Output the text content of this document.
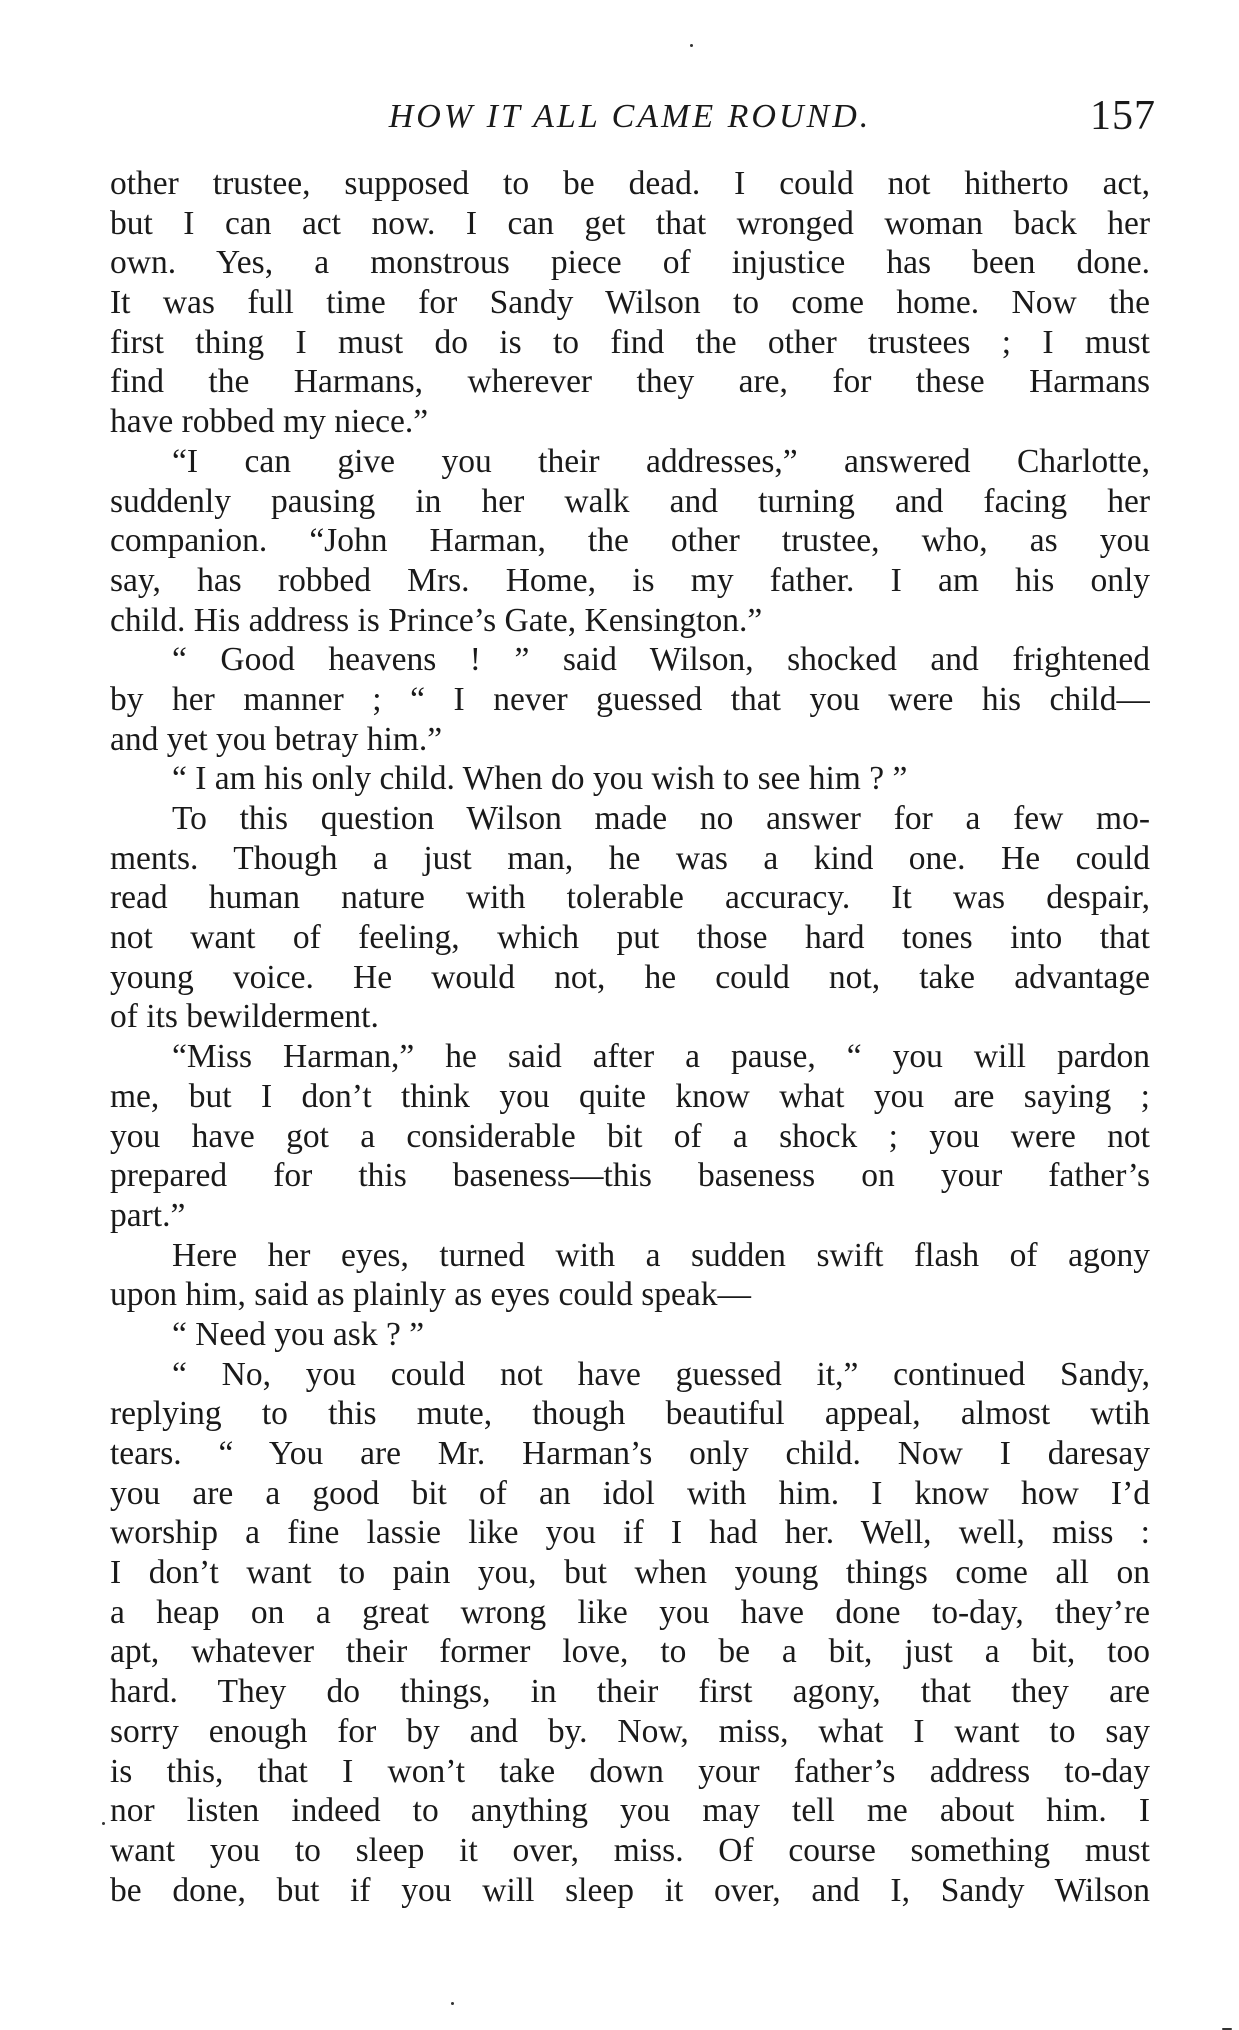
HOW IT ALL CAME ROUND.	157
other trustee, supposed to be dead. I could not hitherto act,
but I can act now. I can get that wronged woman back her
own. Yes, a monstrous piece of injustice has been done.
It was full time for Sandy Wilson to come home. Now the
first thing I must do is to find the other trustees ; I must
find the Harmans, wherever they are, for these Harmans
have robbed my niece.”
“I can give you their addresses,” answered Charlotte,
suddenly pausing in her walk and turning and facing her
companion. “John Harman, the other trustee, who, as you
say, has robbed Mrs. Home, is my father. I am his only
child. His address is Prince’s Gate, Kensington.”
“ Good heavens ! ” said Wilson, shocked and frightened
by her manner ; “ I never guessed that you were his child—
and yet you betray him.”
“ I am his only child. When do you wish to see him ? ”
To this question Wilson made no answer for a few mo-
ments. Though a just man, he was a kind one. He could
read human nature with tolerable accuracy. It was despair,
not want of feeling, which put those hard tones into that
young voice. He would not, he could not, take advantage
of its bewilderment.
“Miss Harman,” he said after a pause, “ you will pardon
me, but I don’t think you quite know what you are saying ;
you have got a considerable bit of a shock ; you were not
prepared for this baseness—this baseness on your father’s
part.”
Here her eyes, turned with a sudden swift flash of agony
upon him, said as plainly as eyes could speak—
“ Need you ask ? ”
“ No, you could not have guessed it,” continued Sandy,
replying to this mute, though beautiful appeal, almost wtih
tears. “ You are Mr. Harman’s only child. Now I daresay
you are a good bit of an idol with him. I know how I’d
worship a fine lassie like you if I had her. Well, well, miss :
I don’t want to pain you, but when young things come all on
a heap on a great wrong like you have done to-day, they’re
apt, whatever their former love, to be a bit, just a bit, too
hard. They do things, in their first agony, that they are
sorry enough for by and by. Now, miss, what I want to say
is this, that I won’t take down your father’s address to-day
nor listen indeed to anything you may tell me about him. I
want you to sleep it over, miss. Of course something must
be done, but if you will sleep it over, and I, Sandy Wilson
